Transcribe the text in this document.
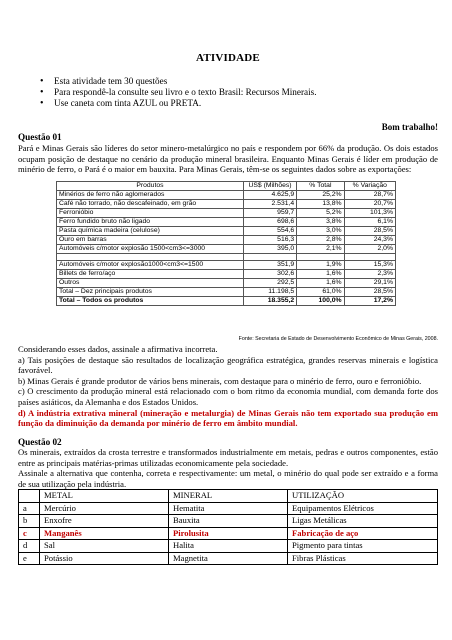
ATIVIDADE
• Esta atividade tem 30 questões
• Para respondê-la consulte seu livro e o texto Brasil: Recursos Minerais.
• Use caneta com tinta AZUL ou PRETA.
Bom trabalho!
Questão 01

Pará e Minas Gerais são líderes do setor minero-metalúrgico no país e respondem por 66% da produção. Os dois estados ocupam posição de destaque no cenário da produção mineral brasileira. Enquanto Minas Gerais é líder em produção de minério de ferro, o Pará é o maior em bauxita. Para Minas Gerais, têm-se os seguintes dados sobre as exportações:

Produtos	US$ (Milhões)	% Total	% Variação
Minérios de ferro não aglomerados	4.625,9	25,2%	28,7%
Café não torrado, não descafeinado, em grão	2.531,4	13,8%	20,7%
Ferronióbio	959,7	5,2%	101,3%
Ferro fundido bruto não ligado	698,6	3,8%	6,1%
Pasta química madeira (celulose)	554,6	3,0%	28,5%
Ouro em barras	516,3	2,8%	24,3%
Automóveis c/motor explosão 1500<cm3<=3000	395,0	2,1%	2,0%

Automóveis c/motor explosão1000<cm3<=1500	351,9	1,9%	15,3%
Billets de ferro/aço	302,6	1,6%	2,3%
Outros	292,5	1,6%	29,1%
Total – Dez principais produtos	11.198,5	61,0%	28,5%
Total – Todos os produtos	18.355,2	100,0%	17,2%
Fonte: Secretaria de Estado de Desenvolvimento Econômico de Minas Gerais, 2008.

Considerando esses dados, assinale a afirmativa incorreta.

a) Tais posições de destaque são resultados de localização geográfica estratégica, grandes reservas minerais e logística favorável.

b) Minas Gerais é grande produtor de vários bens minerais, com destaque para o minério de ferro, ouro e ferronióbio.

c) O crescimento da produção mineral está relacionado com o bom ritmo da economia mundial, com demanda forte dos países asiáticos, da Alemanha e dos Estados Unidos.

d) A indústria extrativa mineral (mineração e metalurgia) de Minas Gerais não tem exportado sua produção em função da diminuição da demanda por minério de ferro em âmbito mundial.

Questão 02

Os minerais, extraídos da crosta terrestre e transformados industrialmente em metais, pedras e outros componentes, estão entre as principais matérias-primas utilizadas economicamente pela sociedade.

Assinale a alternativa que contenha, correta e respectivamente: um metal, o minério do qual pode ser extraído e a forma de sua utilização pela indústria.

	METAL	MINERAL	UTILIZAÇÃO
a	Mercúrio	Hematita	Equipamentos Elétricos
b	Enxofre	Bauxita	Ligas Metálicas
c	Manganês	Pirolusita	Fabricação de aço
d	Sal	Halita	Pigmento para tintas
e	Potássio	Magnetita	Fibras Plásticas
